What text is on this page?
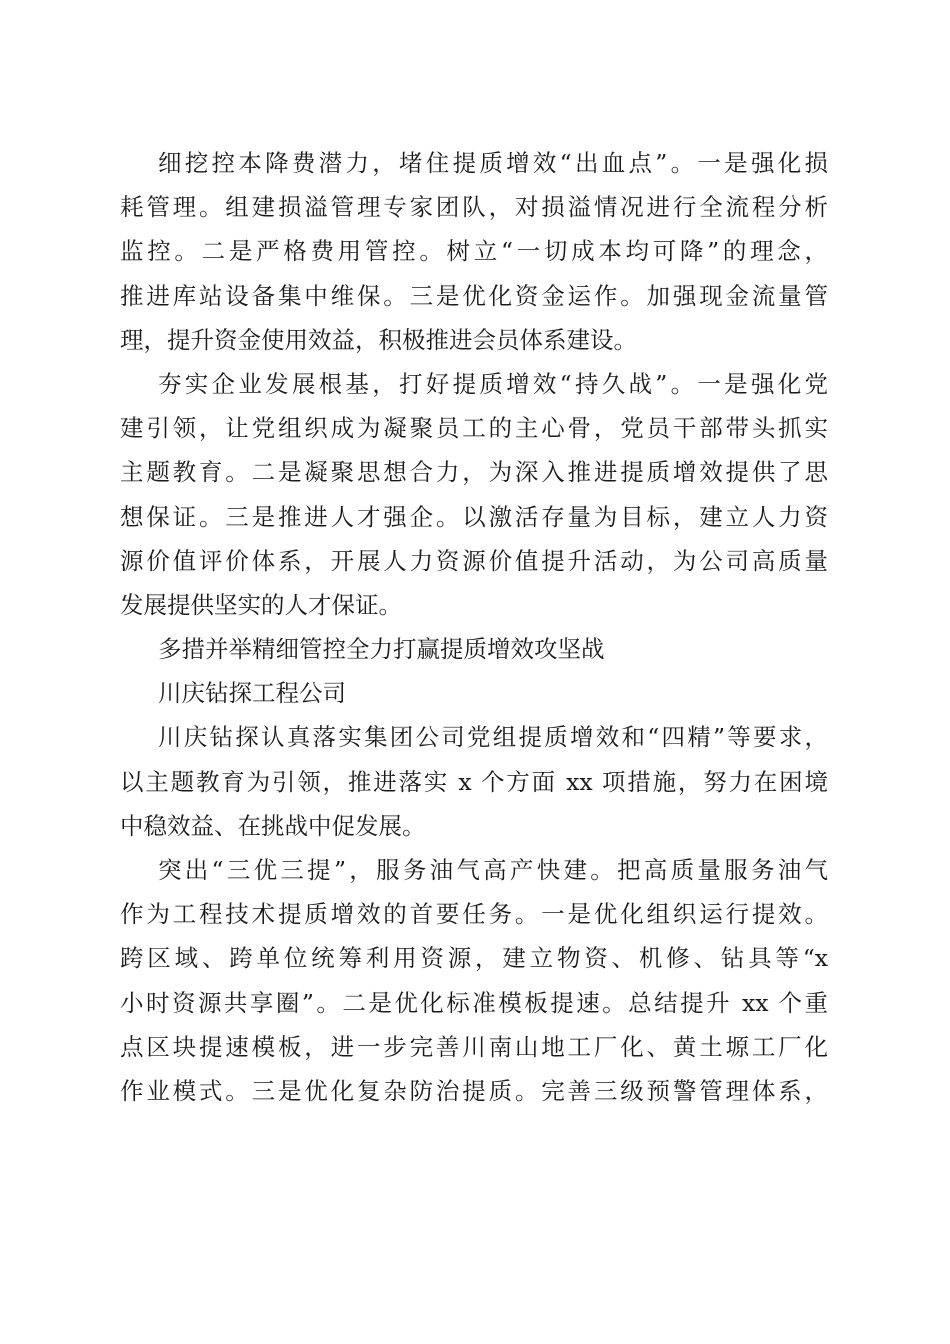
细挖控本降费潜力，堵住提质增效“出血点”。一是强化损
耗管理。组建损溢管理专家团队，对损溢情况进行全流程分析
监控。二是严格费用管控。树立“一切成本均可降”的理念，
推进库站设备集中维保。三是优化资金运作。加强现金流量管
理，提升资金使用效益，积极推进会员体系建设。
夯实企业发展根基，打好提质增效“持久战”。一是强化党
建引领，让党组织成为凝聚员工的主心骨，党员干部带头抓实
主题教育。二是凝聚思想合力，为深入推进提质增效提供了思
想保证。三是推进人才强企。以激活存量为目标，建立人力资
源价值评价体系，开展人力资源价值提升活动，为公司高质量
发展提供坚实的人才保证。
多措并举精细管控全力打赢提质增效攻坚战
川庆钻探工程公司
川庆钻探认真落实集团公司党组提质增效和“四精”等要求，
以主题教育为引领，推进落实 x 个方面 xx 项措施，努力在困境
中稳效益、在挑战中促发展。
突出“三优三提”，服务油气高产快建。把高质量服务油气
作为工程技术提质增效的首要任务。一是优化组织运行提效。
跨区域、跨单位统筹利用资源，建立物资、机修、钻具等“x
小时资源共享圈”。二是优化标准模板提速。总结提升 xx 个重
点区块提速模板，进一步完善川南山地工厂化、黄土塬工厂化
作业模式。三是优化复杂防治提质。完善三级预警管理体系，
